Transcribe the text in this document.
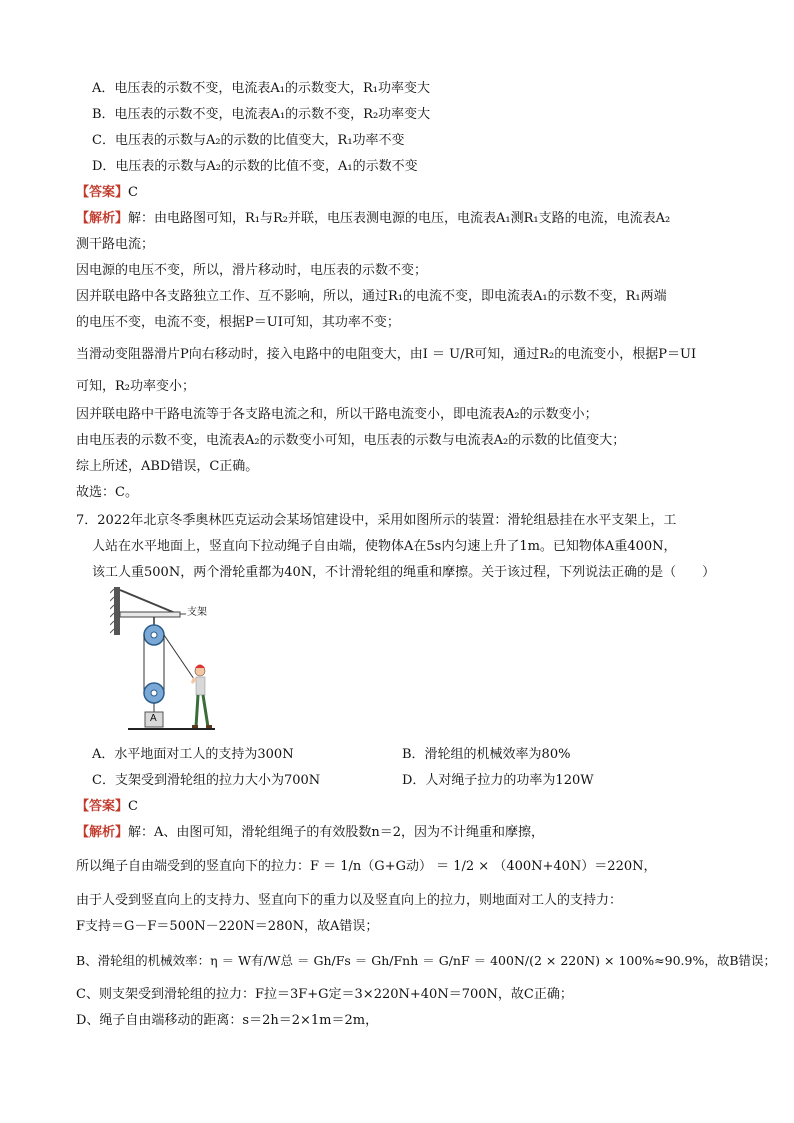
A．电压表的示数不变，电流表A₁的示数变大，R₁功率变大
B．电压表的示数不变，电流表A₁的示数不变，R₂功率变大
C．电压表的示数与A₂的示数的比值变大，R₁功率不变
D．电压表的示数与A₂的示数的比值不变，A₁的示数不变
【答案】C
【解析】解：由电路图可知，R₁与R₂并联，电压表测电源的电压，电流表A₁测R₁支路的电流，电流表A₂
测干路电流；
因电源的电压不变，所以，滑片移动时，电压表的示数不变；
因并联电路中各支路独立工作、互不影响，所以，通过R₁的电流不变，即电流表A₁的示数不变，R₁两端
的电压不变，电流不变，根据P＝UI可知，其功率不变；
当滑动变阻器滑片P向右移动时，接入电路中的电阻变大，由I ＝ U/R可知，通过R₂的电流变小，根据P＝UI
可知，R₂功率变小；
因并联电路中干路电流等于各支路电流之和，所以干路电流变小，即电流表A₂的示数变小；
由电压表的示数不变，电流表A₂的示数变小可知，电压表的示数与电流表A₂的示数的比值变大；
综上所述，ABD错误，C正确。
故选：C。
7．2022年北京冬季奥林匹克运动会某场馆建设中，采用如图所示的装置：滑轮组悬挂在水平支架上，工
人站在水平地面上，竖直向下拉动绳子自由端，使物体A在5s内匀速上升了1m。已知物体A重400N，
该工人重500N，两个滑轮重都为40N，不计滑轮组的绳重和摩擦。关于该过程，下列说法正确的是（　　）
支架
A
A．水平地面对工人的支持为300N	B．滑轮组的机械效率为80%
C．支架受到滑轮组的拉力大小为700N	D．人对绳子拉力的功率为120W
【答案】C
【解析】解：A、由图可知，滑轮组绳子的有效股数n＝2，因为不计绳重和摩擦，
所以绳子自由端受到的竖直向下的拉力：F ＝ 1/n（G+G动） ＝ 1/2 × （400N+40N）＝220N，
由于人受到竖直向上的支持力、竖直向下的重力以及竖直向上的拉力，则地面对工人的支持力：
F支持＝G－F＝500N－220N＝280N，故A错误；
B、滑轮组的机械效率：η ＝ W有/W总 ＝ Gh/Fs ＝ Gh/Fnh ＝ G/nF ＝ 400N/(2 × 220N) × 100%≈90.9%，故B错误；
C、则支架受到滑轮组的拉力：F拉＝3F+G定＝3×220N+40N＝700N，故C正确；
D、绳子自由端移动的距离：s＝2h＝2×1m＝2m，
